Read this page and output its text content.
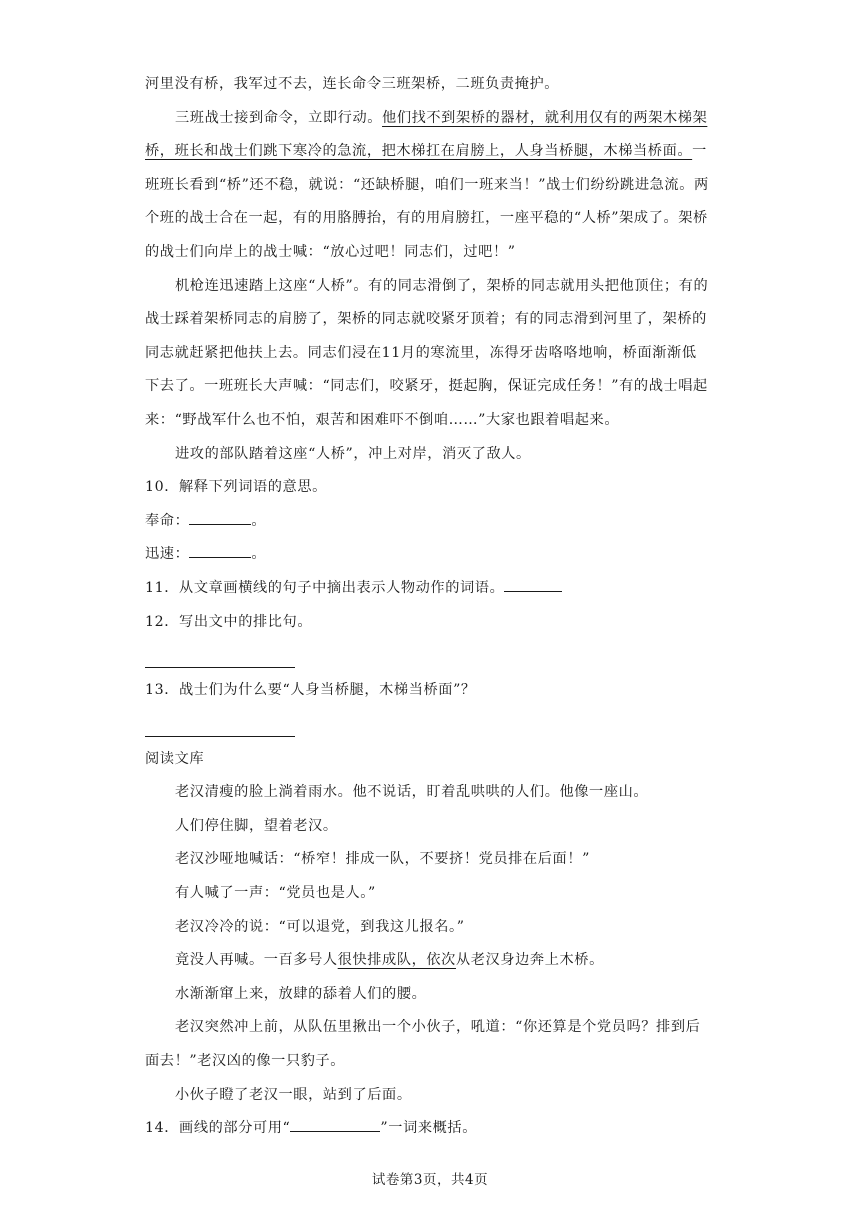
河里没有桥，我军过不去，连长命令三班架桥，二班负责掩护。
三班战士接到命令，立即行动。他们找不到架桥的器材，就利用仅有的两架木梯架
桥，班长和战士们跳下寒冷的急流，把木梯扛在肩膀上，人身当桥腿，木梯当桥面。一
班班长看到“桥”还不稳，就说：“还缺桥腿，咱们一班来当！”战士们纷纷跳进急流。两
个班的战士合在一起，有的用胳膊抬，有的用肩膀扛，一座平稳的“人桥”架成了。架桥
的战士们向岸上的战士喊：“放心过吧！同志们，过吧！”
机枪连迅速踏上这座“人桥”。有的同志滑倒了，架桥的同志就用头把他顶住；有的
战士踩着架桥同志的肩膀了，架桥的同志就咬紧牙顶着；有的同志滑到河里了，架桥的
同志就赶紧把他扶上去。同志们浸在11月的寒流里，冻得牙齿咯咯地响，桥面渐渐低
下去了。一班班长大声喊：“同志们，咬紧牙，挺起胸，保证完成任务！”有的战士唱起
来：“野战军什么也不怕，艰苦和困难吓不倒咱……”大家也跟着唱起来。
进攻的部队踏着这座“人桥”，冲上对岸，消灭了敌人。
10．解释下列词语的意思。
奉命：	。
迅速：	。
11．从文章画横线的句子中摘出表示人物动作的词语。
12．写出文中的排比句。
13．战士们为什么要“人身当桥腿，木梯当桥面”？
阅读文库
老汉清瘦的脸上淌着雨水。他不说话，盯着乱哄哄的人们。他像一座山。
人们停住脚，望着老汉。
老汉沙哑地喊话：“桥窄！排成一队，不要挤！党员排在后面！”
有人喊了一声：“党员也是人。”
老汉冷冷的说：“可以退党，到我这儿报名。”
竟没人再喊。一百多号人很快排成队，依次从老汉身边奔上木桥。
水渐渐窜上来，放肆的舔着人们的腰。
老汉突然冲上前，从队伍里揪出一个小伙子，吼道：“你还算是个党员吗？排到后
面去！”老汉凶的像一只豹子。
小伙子瞪了老汉一眼，站到了后面。
14．画线的部分可用“	”一词来概括。
试卷第3页，共4页
